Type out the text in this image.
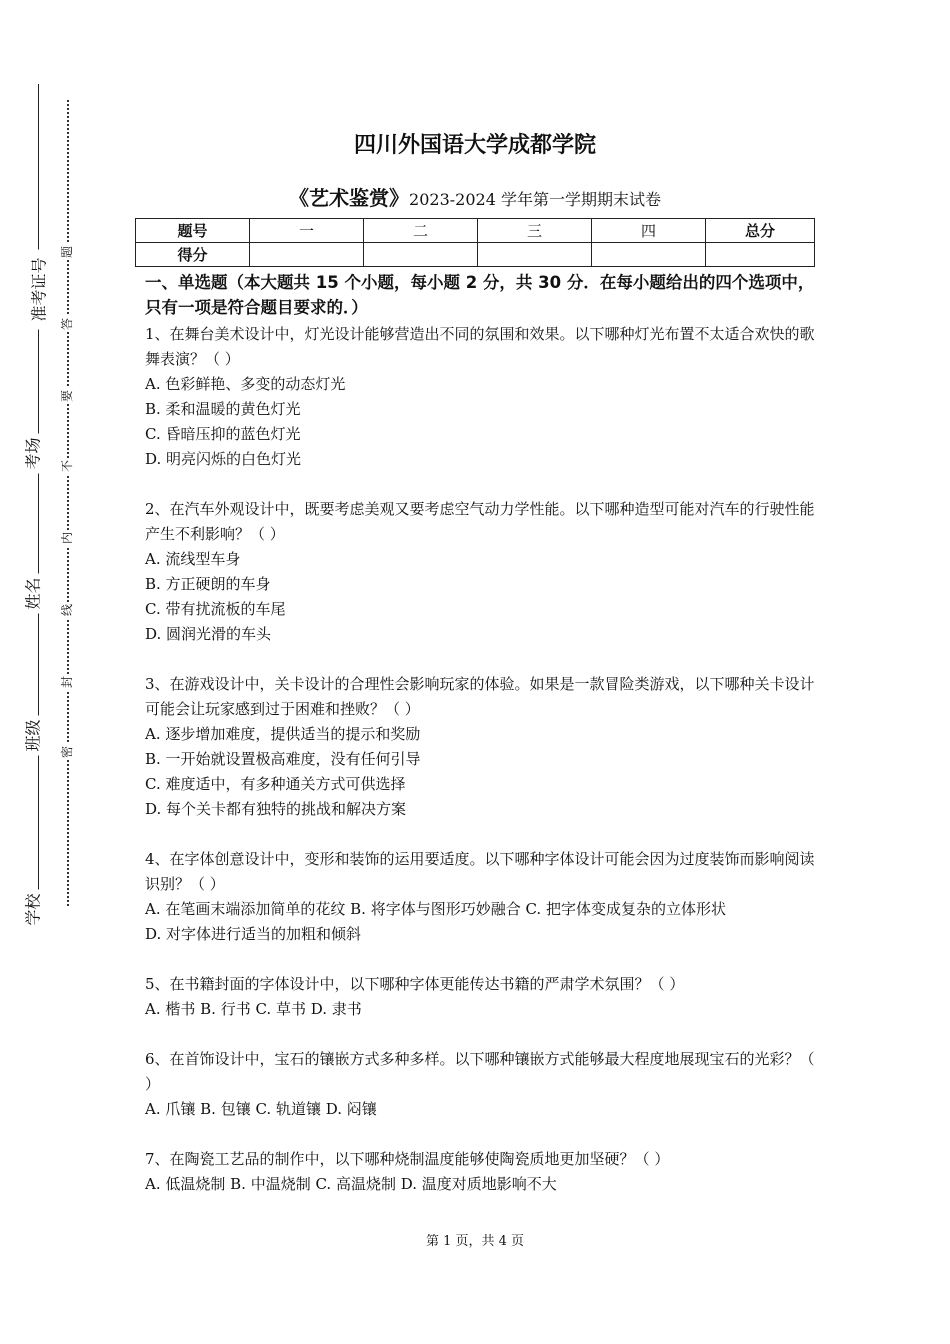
准考证号
考场
姓名
班级
学校
题
答
要
不
内
线
封
密
四川外国语大学成都学院

《艺术鉴赏》2023-2024 学年第一学期期末试卷

题号	一	二	三	四	总分
得分					

一、单选题（本大题共 15 个小题，每小题 2 分，共 30 分．在每小题给出的四个选项中，只有一项是符合题目要求的．）

1、在舞台美术设计中，灯光设计能够营造出不同的氛围和效果。以下哪种灯光布置不太适合欢快的歌舞表演？（ ）

A. 色彩鲜艳、多变的动态灯光

B. 柔和温暖的黄色灯光

C. 昏暗压抑的蓝色灯光

D. 明亮闪烁的白色灯光

2、在汽车外观设计中，既要考虑美观又要考虑空气动力学性能。以下哪种造型可能对汽车的行驶性能产生不利影响？（ ）

A. 流线型车身

B. 方正硬朗的车身

C. 带有扰流板的车尾

D. 圆润光滑的车头

3、在游戏设计中，关卡设计的合理性会影响玩家的体验。如果是一款冒险类游戏，以下哪种关卡设计可能会让玩家感到过于困难和挫败？（ ）

A. 逐步增加难度，提供适当的提示和奖励

B. 一开始就设置极高难度，没有任何引导

C. 难度适中，有多种通关方式可供选择

D. 每个关卡都有独特的挑战和解决方案

4、在字体创意设计中，变形和装饰的运用要适度。以下哪种字体设计可能会因为过度装饰而影响阅读识别？（ ）

A. 在笔画末端添加简单的花纹 B. 将字体与图形巧妙融合 C. 把字体变成复杂的立体形状

D. 对字体进行适当的加粗和倾斜

5、在书籍封面的字体设计中，以下哪种字体更能传达书籍的严肃学术氛围？（ ）

A. 楷书 B. 行书 C. 草书 D. 隶书

6、在首饰设计中，宝石的镶嵌方式多种多样。以下哪种镶嵌方式能够最大程度地展现宝石的光彩？（ ）

A. 爪镶 B. 包镶 C. 轨道镶 D. 闷镶

7、在陶瓷工艺品的制作中，以下哪种烧制温度能够使陶瓷质地更加坚硬？（ ）

A. 低温烧制 B. 中温烧制 C. 高温烧制 D. 温度对质地影响不大

第 1 页，共 4 页
